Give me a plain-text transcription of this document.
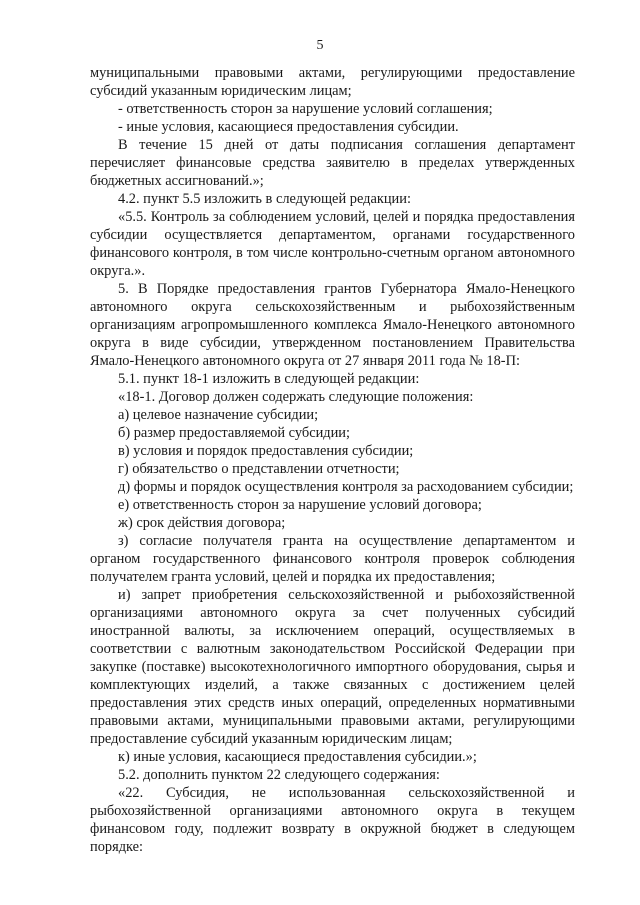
5

муниципальными правовыми актами, регулирующими предоставление субсидий указанным юридическим лицам;

- ответственность сторон за нарушение условий соглашения;

- иные условия, касающиеся предоставления субсидии.

В течение 15 дней от даты подписания соглашения департамент перечисляет финансовые средства заявителю в пределах утвержденных бюджетных ассигнований.»;

4.2. пункт 5.5 изложить в следующей редакции:

«5.5. Контроль за соблюдением условий, целей и порядка предоставления субсидии осуществляется департаментом, органами государственного финансового контроля, в том числе контрольно-счетным органом автономного округа.».

5. В Порядке предоставления грантов Губернатора Ямало-Ненецкого автономного округа сельскохозяйственным и рыбохозяйственным организациям агропромышленного комплекса Ямало-Ненецкого автономного округа в виде субсидии, утвержденном постановлением Правительства Ямало-Ненецкого автономного округа от 27 января 2011 года № 18-П:

5.1. пункт 18-1 изложить в следующей редакции:

«18-1. Договор должен содержать следующие положения:

а) целевое назначение субсидии;

б) размер предоставляемой субсидии;

в) условия и порядок предоставления субсидии;

г) обязательство о представлении отчетности;

д) формы и порядок осуществления контроля за расходованием субсидии;

е) ответственность сторон за нарушение условий договора;

ж) срок действия договора;

з) согласие получателя гранта на осуществление департаментом и органом государственного финансового контроля проверок соблюдения получателем гранта условий, целей и порядка их предоставления;

и) запрет приобретения сельскохозяйственной и рыбохозяйственной организациями автономного округа за счет полученных субсидий иностранной валюты, за исключением операций, осуществляемых в соответствии с валютным законодательством Российской Федерации при закупке (поставке) высокотехнологичного импортного оборудования, сырья и комплектующих изделий, а также связанных с достижением целей предоставления этих средств иных операций, определенных нормативными правовыми актами, муниципальными правовыми актами, регулирующими предоставление субсидий указанным юридическим лицам;

к) иные условия, касающиеся предоставления субсидии.»;

5.2. дополнить пунктом 22 следующего содержания:

«22. Субсидия, не использованная сельскохозяйственной и рыбохозяйственной организациями автономного округа в текущем финансовом году, подлежит возврату в окружной бюджет в следующем порядке:
